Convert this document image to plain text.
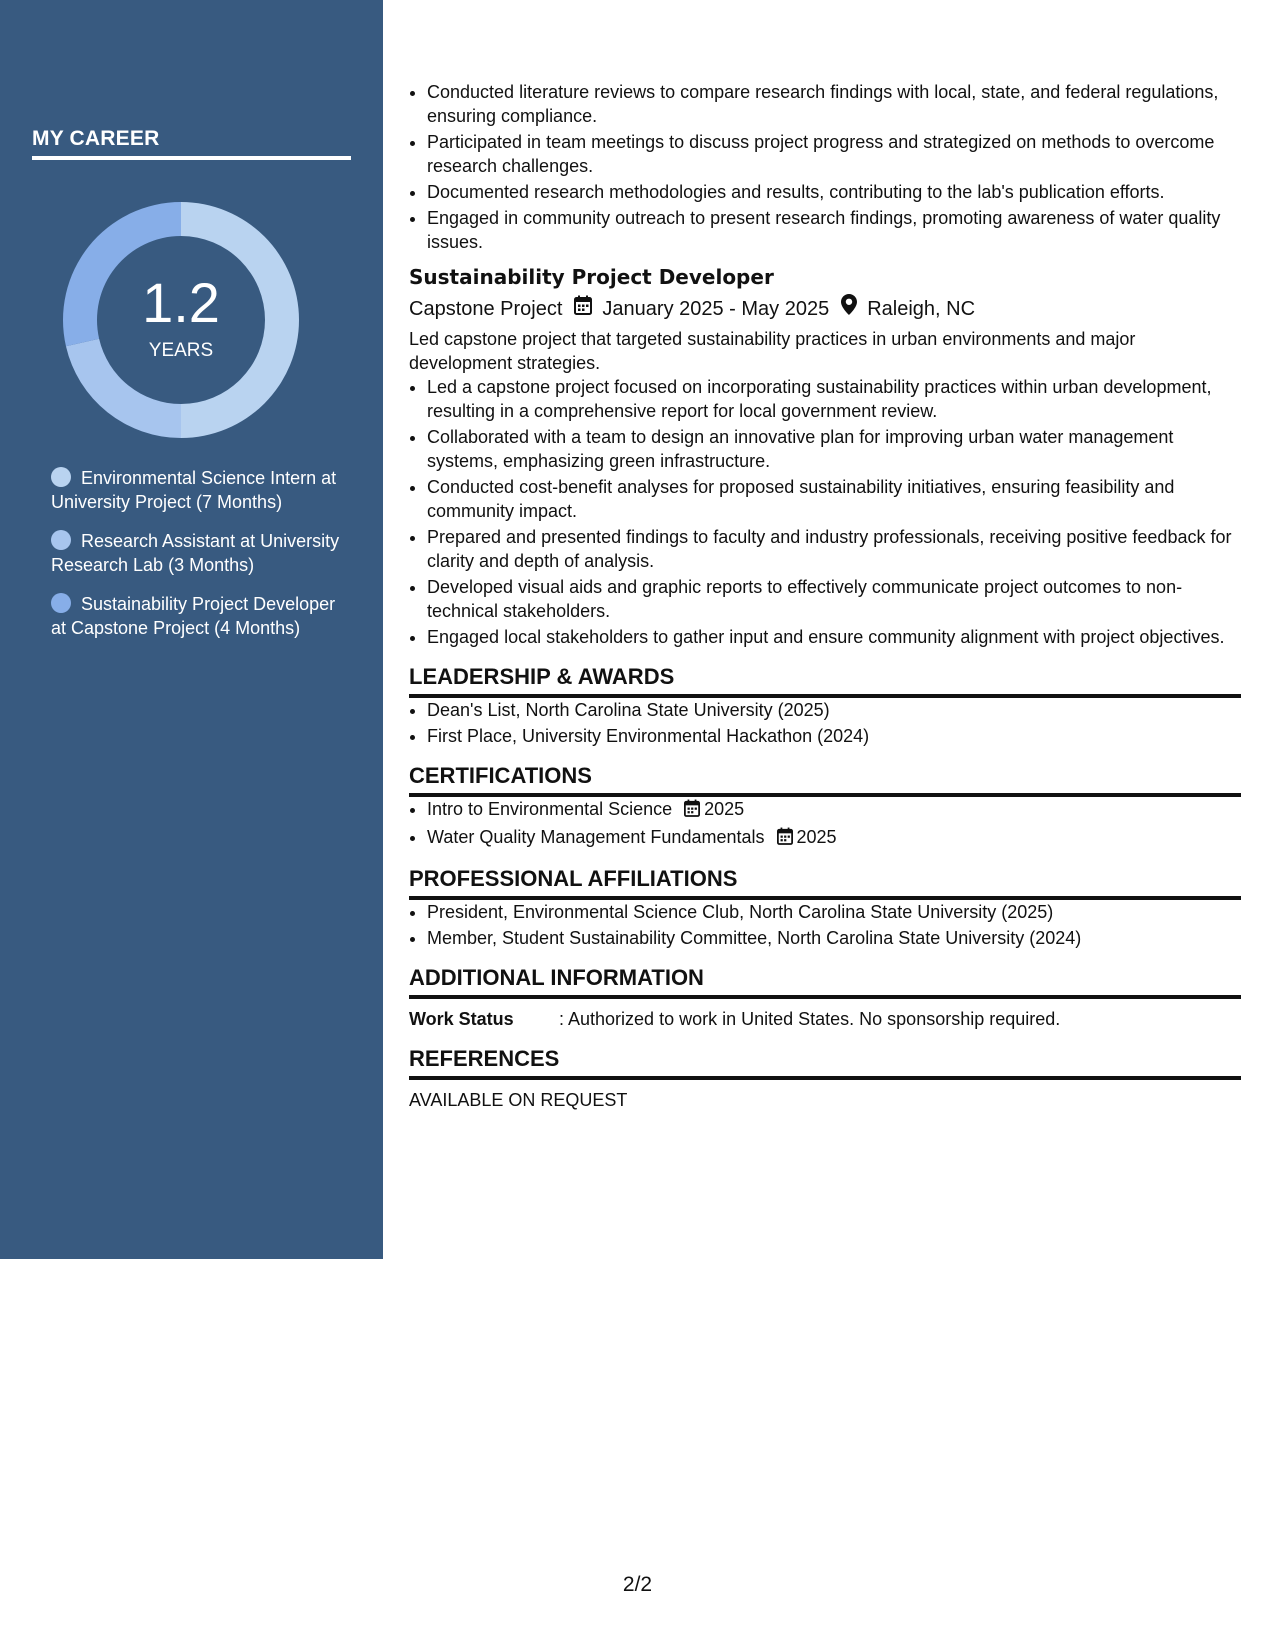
MY CAREER
1.2
YEARS
Environmental Science Intern at University Project (7 Months)
Research Assistant at University Research Lab (3 Months)
Sustainability Project Developer at Capstone Project (4 Months)
• Conducted literature reviews to compare research findings with local, state, and federal regulations, ensuring compliance.
• Participated in team meetings to discuss project progress and strategized on methods to overcome research challenges.
• Documented research methodologies and results, contributing to the lab's publication efforts.
• Engaged in community outreach to present research findings, promoting awareness of water quality issues.
Sustainability Project Developer
Capstone Project January 2025 - May 2025 Raleigh, NC

Led capstone project that targeted sustainability practices in urban environments and major development strategies.

• Led a capstone project focused on incorporating sustainability practices within urban development, resulting in a comprehensive report for local government review.
• Collaborated with a team to design an innovative plan for improving urban water management systems, emphasizing green infrastructure.
• Conducted cost-benefit analyses for proposed sustainability initiatives, ensuring feasibility and community impact.
• Prepared and presented findings to faculty and industry professionals, receiving positive feedback for clarity and depth of analysis.
• Developed visual aids and graphic reports to effectively communicate project outcomes to non-technical stakeholders.
• Engaged local stakeholders to gather input and ensure community alignment with project objectives.
LEADERSHIP & AWARDS
• Dean's List, North Carolina State University (2025)
• First Place, University Environmental Hackathon (2024)
CERTIFICATIONS
• Intro to Environmental Science 2025
• Water Quality Management Fundamentals 2025
PROFESSIONAL AFFILIATIONS
• President, Environmental Science Club, North Carolina State University (2025)
• Member, Student Sustainability Committee, North Carolina State University (2024)
ADDITIONAL INFORMATION
Work Status	: Authorized to work in United States. No sponsorship required.
REFERENCES
AVAILABLE ON REQUEST
2/2
